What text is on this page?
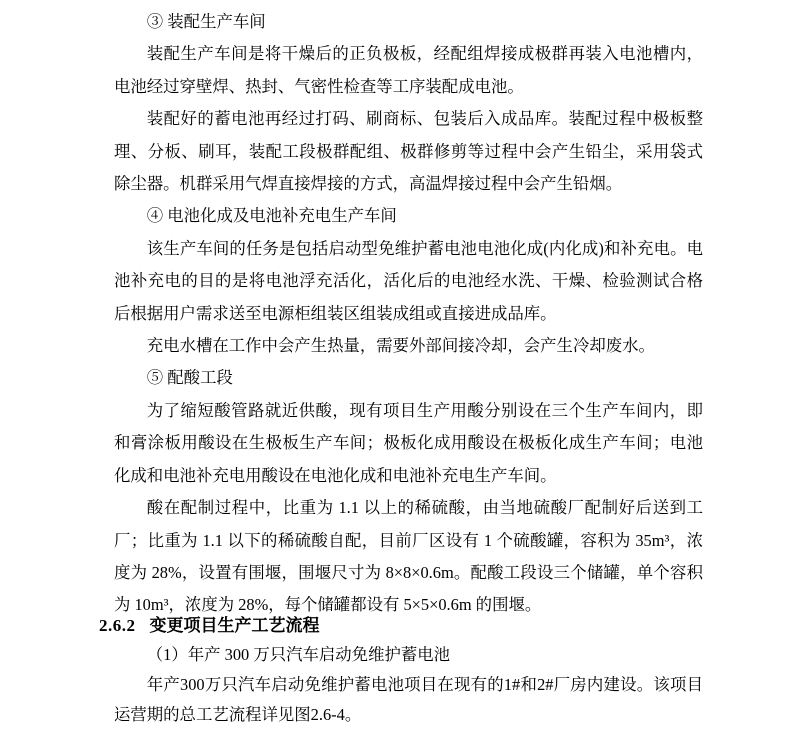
③ 装配生产车间

装配生产车间是将干燥后的正负极板，经配组焊接成极群再装入电池槽内，电池经过穿壁焊、热封、气密性检查等工序装配成电池。

装配好的蓄电池再经过打码、刷商标、包装后入成品库。装配过程中极板整理、分板、刷耳，装配工段极群配组、极群修剪等过程中会产生铅尘，采用袋式除尘器。机群采用气焊直接焊接的方式，高温焊接过程中会产生铅烟。

④ 电池化成及电池补充电生产车间

该生产车间的任务是包括启动型免维护蓄电池电池化成(内化成)和补充电。电池补充电的目的是将电池浮充活化，活化后的电池经水洗、干燥、检验测试合格后根据用户需求送至电源柜组装区组装成组或直接进成品库。

充电水槽在工作中会产生热量，需要外部间接冷却，会产生冷却废水。

⑤ 配酸工段

为了缩短酸管路就近供酸，现有项目生产用酸分别设在三个生产车间内，即和膏涂板用酸设在生极板生产车间；极板化成用酸设在极板化成生产车间；电池化成和电池补充电用酸设在电池化成和电池补充电生产车间。

酸在配制过程中，比重为 1.1 以上的稀硫酸，由当地硫酸厂配制好后送到工厂；比重为 1.1 以下的稀硫酸自配，目前厂区设有 1 个硫酸罐，容积为 35m³，浓度为 28%，设置有围堰，围堰尺寸为 8×8×0.6m。配酸工段设三个储罐，单个容积为 10m³，浓度为 28%，每个储罐都设有 5×5×0.6m 的围堰。

2.6.2 变更项目生产工艺流程

（1）年产 300 万只汽车启动免维护蓄电池

年产300万只汽车启动免维护蓄电池项目在现有的1#和2#厂房内建设。该项目运营期的总工艺流程详见图2.6-4。
